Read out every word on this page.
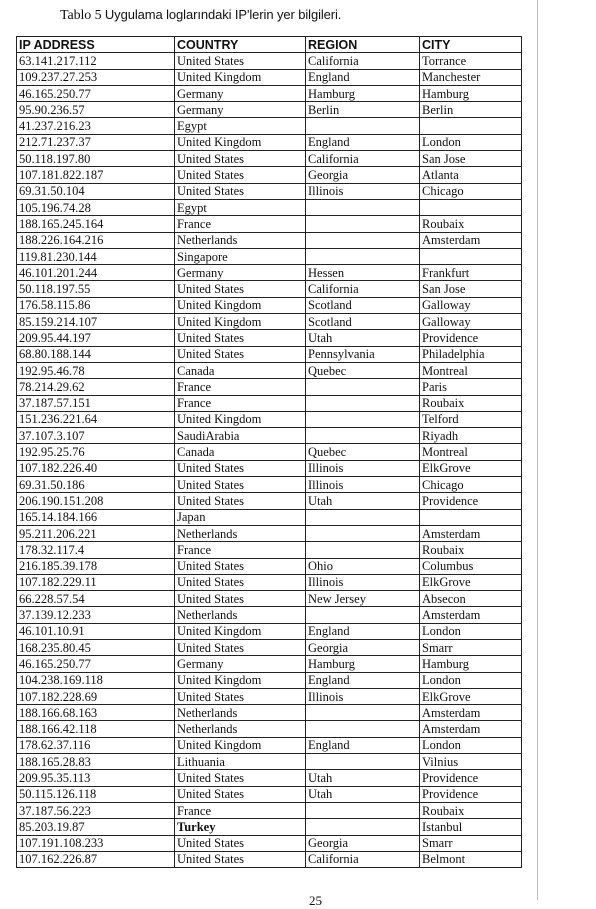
Tablo 5 Uygulama loglarındaki IP'lerin yer bilgileri.
IP ADDRESS	COUNTRY	REGION	CITY
63.141.217.112	United States	California	Torrance
109.237.27.253	United Kingdom	England	Manchester
46.165.250.77	Germany	Hamburg	Hamburg
95.90.236.57	Germany	Berlin	Berlin
41.237.216.23	Egypt		
212.71.237.37	United Kingdom	England	London
50.118.197.80	United States	California	San Jose
107.181.822.187	United States	Georgia	Atlanta
69.31.50.104	United States	Illinois	Chicago
105.196.74.28	Egypt		
188.165.245.164	France		Roubaix
188.226.164.216	Netherlands		Amsterdam
119.81.230.144	Singapore		
46.101.201.244	Germany	Hessen	Frankfurt
50.118.197.55	United States	California	San Jose
176.58.115.86	United Kingdom	Scotland	Galloway
85.159.214.107	United Kingdom	Scotland	Galloway
209.95.44.197	United States	Utah	Providence
68.80.188.144	United States	Pennsylvania	Philadelphia
192.95.46.78	Canada	Quebec	Montreal
78.214.29.62	France		Paris
37.187.57.151	France		Roubaix
151.236.221.64	United Kingdom		Telford
37.107.3.107	SaudiArabia		Riyadh
192.95.25.76	Canada	Quebec	Montreal
107.182.226.40	United States	Illinois	ElkGrove
69.31.50.186	United States	Illinois	Chicago
206.190.151.208	United States	Utah	Providence
165.14.184.166	Japan		
95.211.206.221	Netherlands		Amsterdam
178.32.117.4	France		Roubaix
216.185.39.178	United States	Ohio	Columbus
107.182.229.11	United States	Illinois	ElkGrove
66.228.57.54	United States	New Jersey	Absecon
37.139.12.233	Netherlands		Amsterdam
46.101.10.91	United Kingdom	England	London
168.235.80.45	United States	Georgia	Smarr
46.165.250.77	Germany	Hamburg	Hamburg
104.238.169.118	United Kingdom	England	London
107.182.228.69	United States	Illinois	ElkGrove
188.166.68.163	Netherlands		Amsterdam
188.166.42.118	Netherlands		Amsterdam
178.62.37.116	United Kingdom	England	London
188.165.28.83	Lithuania		Vilnius
209.95.35.113	United States	Utah	Providence
50.115.126.118	United States	Utah	Providence
37.187.56.223	France		Roubaix
85.203.19.87	Turkey		Istanbul
107.191.108.233	United States	Georgia	Smarr
107.162.226.87	United States	California	Belmont
25
